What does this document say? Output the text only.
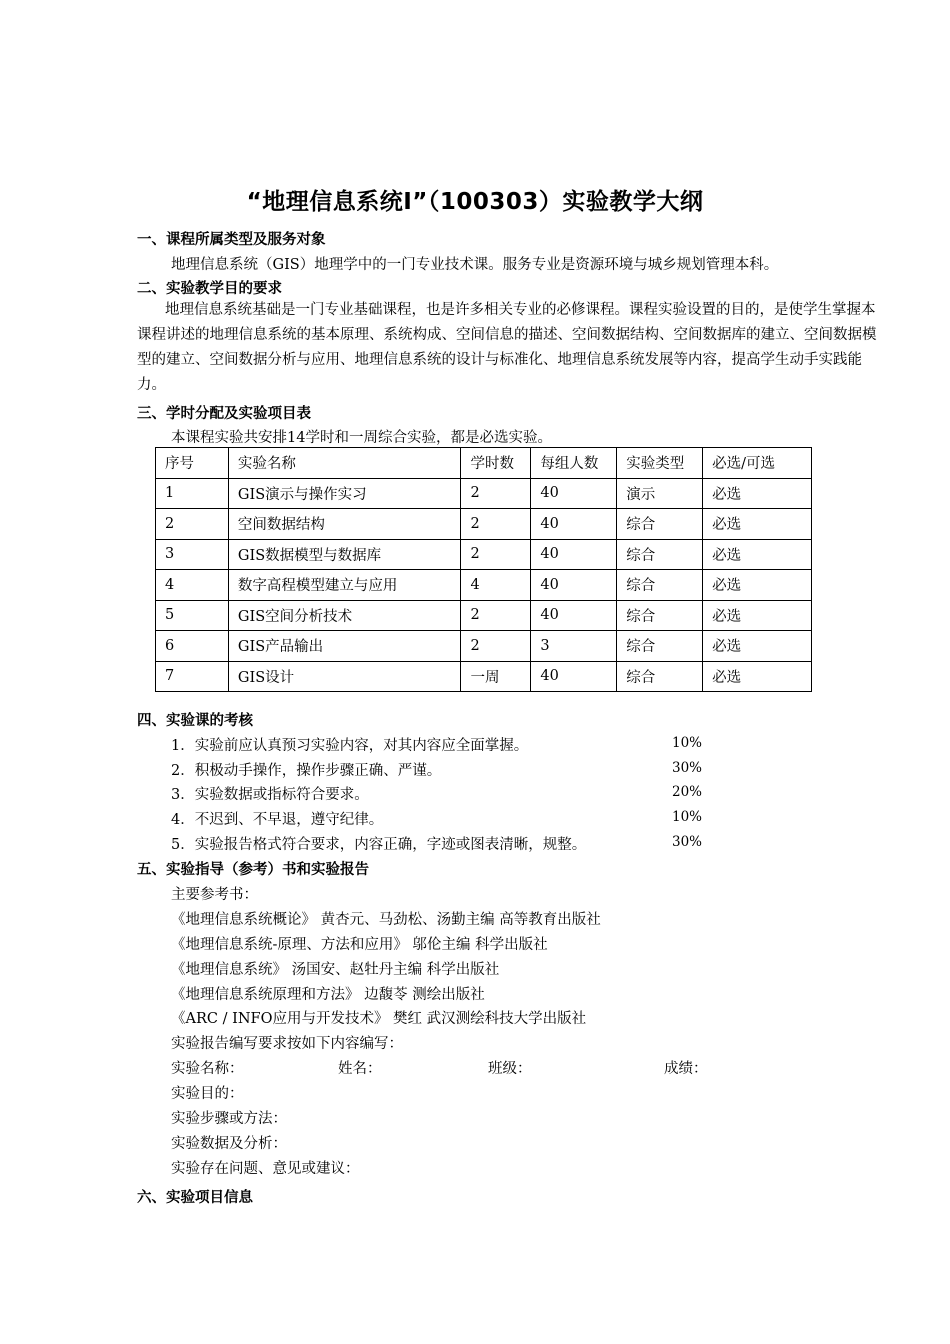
“地理信息系统Ⅰ”（100303）实验教学大纲
一、课程所属类型及服务对象
地理信息系统（GIS）地理学中的一门专业技术课。服务专业是资源环境与城乡规划管理本科。
二、实验教学目的要求
地理信息系统基础是一门专业基础课程，也是许多相关专业的必修课程。课程实验设置的目的，是使学生掌握本课程讲述的地理信息系统的基本原理、系统构成、空间信息的描述、空间数据结构、空间数据库的建立、空间数据模型的建立、空间数据分析与应用、地理信息系统的设计与标准化、地理信息系统发展等内容，提高学生动手实践能力。
三、学时分配及实验项目表
本课程实验共安排14学时和一周综合实验，都是必选实验。
序号	实验名称	学时数	每组人数	实验类型	必选/可选
1	GIS演示与操作实习	2	40	演示	必选
2	空间数据结构	2	40	综合	必选
3	GIS数据模型与数据库	2	40	综合	必选
4	数字高程模型建立与应用	4	40	综合	必选
5	GIS空间分析技术	2	40	综合	必选
6	GIS产品输出	2	3	综合	必选
7	GIS设计	一周	40	综合	必选
四、实验课的考核
1．实验前应认真预习实验内容，对其内容应全面掌握。	10%
2．积极动手操作，操作步骤正确、严谨。	30%
3．实验数据或指标符合要求。	20%
4．不迟到、不早退，遵守纪律。	10%
5．实验报告格式符合要求，内容正确，字迹或图表清晰，规整。	30%
五、实验指导（参考）书和实验报告
主要参考书：
《地理信息系统概论》 黄杏元、马劲松、汤勤主编 高等教育出版社
《地理信息系统-原理、方法和应用》 邬伦主编 科学出版社
《地理信息系统》 汤国安、赵牡丹主编 科学出版社
《地理信息系统原理和方法》 边馥苓 测绘出版社
《ARC / INFO应用与开发技术》 樊红 武汉测绘科技大学出版社
实验报告编写要求按如下内容编写：
实验名称：	姓名：	班级：	成绩：
实验目的：
实验步骤或方法：
实验数据及分析：
实验存在问题、意见或建议：
六、实验项目信息
